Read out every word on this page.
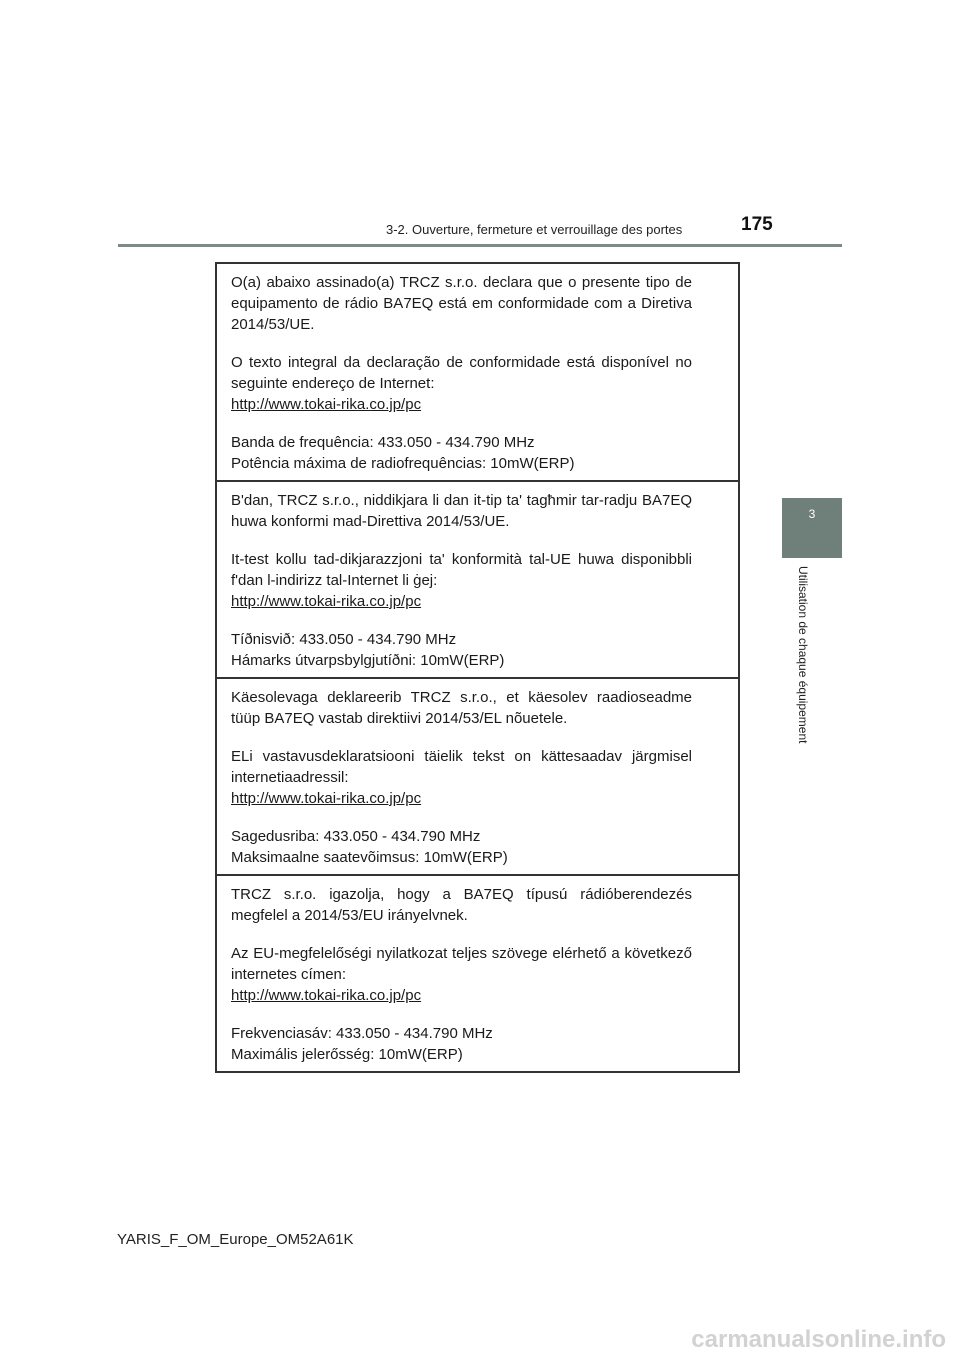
3-2. Ouverture, fermeture et verrouillage des portes	175
3
Utilisation de chaque équipement

O(a) abaixo assinado(a) TRCZ s.r.o. declara que o presente tipo de equipamento de rádio BA7EQ está em conformidade com a Diretiva 2014/53/UE.

O texto integral da declaração de conformidade está disponível no seguinte endereço de Internet:

http://www.tokai-rika.co.jp/pc

Banda de frequência: 433.050 - 434.790 MHz

Potência máxima de radiofrequências: 10mW(ERP)

B'dan, TRCZ s.r.o., niddikjara li dan it-tip ta' tagħmir tar-radju BA7EQ huwa konformi mad-Direttiva 2014/53/UE.

It-test kollu tad-dikjarazzjoni ta' konformità tal-UE huwa disponibbli f'dan l-indirizz tal-Internet li ġej:

http://www.tokai-rika.co.jp/pc

Tíðnisvið: 433.050 - 434.790 MHz

Hámarks útvarpsbylgjutíðni: 10mW(ERP)

Käesolevaga deklareerib TRCZ s.r.o., et käesolev raadioseadme tüüp BA7EQ vastab direktiivi 2014/53/EL nõuetele.

ELi vastavusdeklaratsiooni täielik tekst on kättesaadav järgmisel internetiaadressil:

http://www.tokai-rika.co.jp/pc

Sagedusriba: 433.050 - 434.790 MHz

Maksimaalne saatevõimsus: 10mW(ERP)

TRCZ s.r.o. igazolja, hogy a BA7EQ típusú rádióberendezés megfelel a 2014/53/EU irányelvnek.

Az EU-megfelelőségi nyilatkozat teljes szövege elérhető a következő internetes címen:

http://www.tokai-rika.co.jp/pc

Frekvenciasáv: 433.050 - 434.790 MHz

Maximális jelerősség: 10mW(ERP)

YARIS_F_OM_Europe_OM52A61K
carmanualsonline.info
